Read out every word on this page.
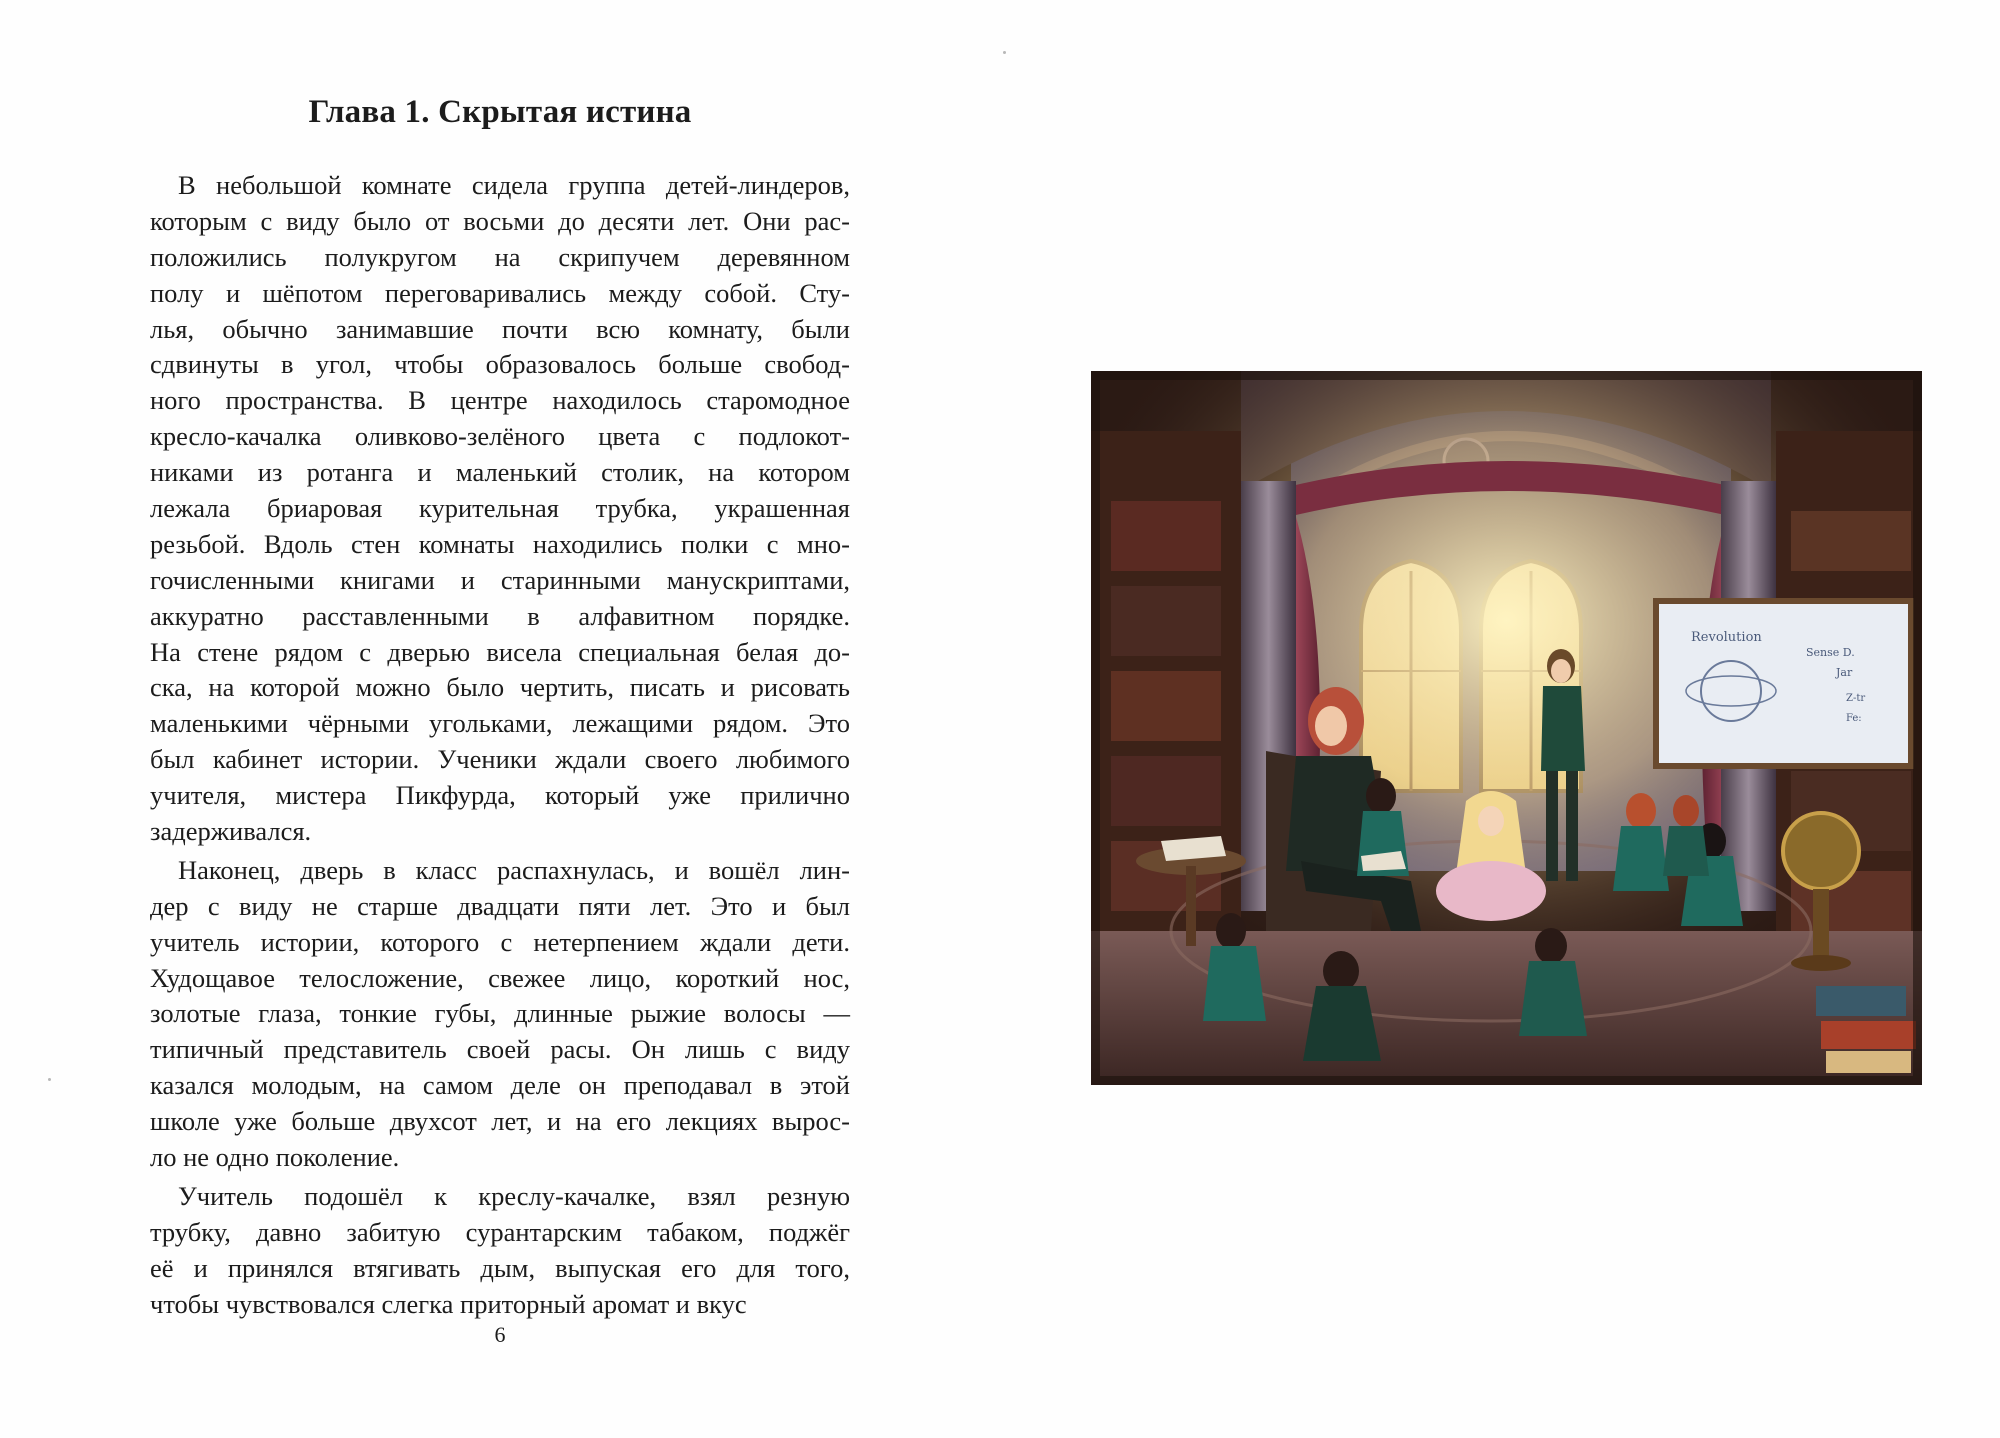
Глава 1. Скрытая истина

В небольшой комнате сидела группа детей-линдеров,
которым с виду было от восьми до десяти лет. Они рас-
положились полукругом на скрипучем деревянном
полу и шёпотом переговаривались между собой. Сту-
лья, обычно занимавшие почти всю комнату, были
сдвинуты в угол, чтобы образовалось больше свобод-
ного пространства. В центре находилось старомодное
кресло-качалка оливково-зелёного цвета с подлокот-
никами из ротанга и маленький столик, на котором
лежала бриаровая курительная трубка, украшенная
резьбой. Вдоль стен комнаты находились полки с мно-
гочисленными книгами и старинными манускриптами,
аккуратно расставленными в алфавитном порядке.
На стене рядом с дверью висела специальная белая до-
ска, на которой можно было чертить, писать и рисовать
маленькими чёрными угольками, лежащими рядом. Это
был кабинет истории. Ученики ждали своего любимого
учителя, мистера Пикфурда, который уже прилично
задерживался.

Наконец, дверь в класс распахнулась, и вошёл лин-
дер с виду не старше двадцати пяти лет. Это и был
учитель истории, которого с нетерпением ждали дети.
Худощавое телосложение, свежее лицо, короткий нос,
золотые глаза, тонкие губы, длинные рыжие волосы —
типичный представитель своей расы. Он лишь с виду
казался молодым, на самом деле он преподавал в этой
школе уже больше двухсот лет, и на его лекциях вырос-
ло не одно поколение.

Учитель подошёл к креслу-качалке, взял резную
трубку, давно забитую сурантарским табаком, поджёг
её и принялся втягивать дым, выпуская его для того,
чтобы чувствовался слегка приторный аромат и вкус

6
Revolution
Sense D.
Jar
Z-tr
Fe:
